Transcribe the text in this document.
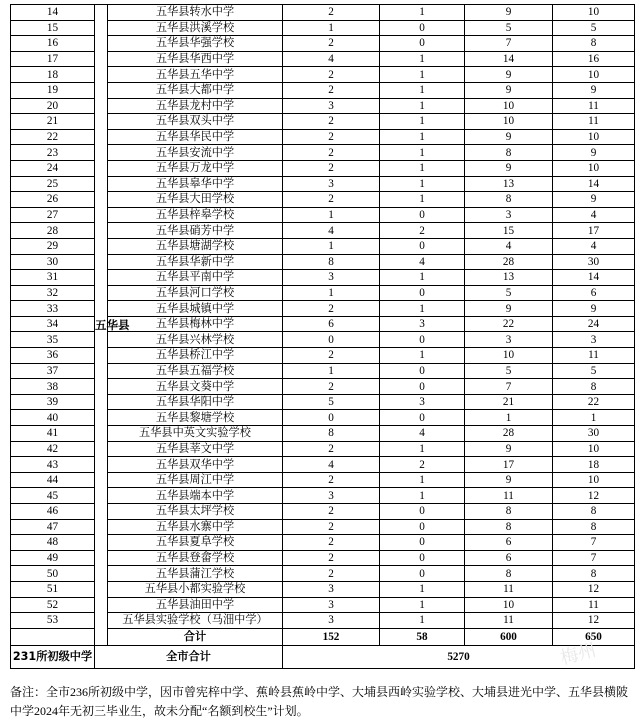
14	五华县	五华县转水中学	2	1	9	10
15		五华县洪溪学校	1	0	5	5
16		五华县华强学校	2	0	7	8
17		五华县华西中学	4	1	14	16
18		五华县五华中学	2	1	9	10
19		五华县大都中学	2	1	9	9
20		五华县龙村中学	3	1	10	11
21		五华县双头中学	2	1	10	11
22		五华县华民中学	2	1	9	10
23		五华县安流中学	2	1	8	9
24		五华县万龙中学	2	1	9	10
25		五华县皋华中学	3	1	13	14
26		五华县大田学校	2	1	8	9
27		五华县梓皋学校	1	0	3	4
28		五华县硝芳中学	4	2	15	17
29		五华县塘湖学校	1	0	4	4
30		五华县华新中学	8	4	28	30
31		五华县平南中学	3	1	13	14
32		五华县河口学校	1	0	5	6
33		五华县城镇中学	2	1	9	9
34		五华县梅林中学	6	3	22	24
35		五华县兴林学校	0	0	3	3
36		五华县桥江中学	2	1	10	11
37		五华县五福学校	1	0	5	5
38		五华县文葵中学	2	0	7	8
39		五华县华阳中学	5	3	21	22
40		五华县黎塘学校	0	0	1	1
41		五华县中英文实验学校	8	4	28	30
42		五华县莘文中学	2	1	9	10
43		五华县双华中学	4	2	17	18
44		五华县周江中学	2	1	9	10
45		五华县端本中学	3	1	11	12
46		五华县太坪学校	2	0	8	8
47		五华县水寨中学	2	0	8	8
48		五华县夏阜学校	2	0	6	7
49		五华县登畲学校	2	0	6	7
50		五华县蒲江学校	2	0	8	8
51		五华县小都实验学校	3	1	11	12
52		五华县油田中学	3	1	10	11
53		五华县实验学校（马沺中学）	3	1	11	12
		合计	152	58	600	650
231所初级中学	全市合计		5270			
备注：全市236所初级中学，因市曾宪梓中学、蕉岭县蕉岭中学、大埔县西岭实验学校、大埔县进光中学、五华县横陂中学2024年无初三毕业生，故未分配“名额到校生”计划。
梅州
